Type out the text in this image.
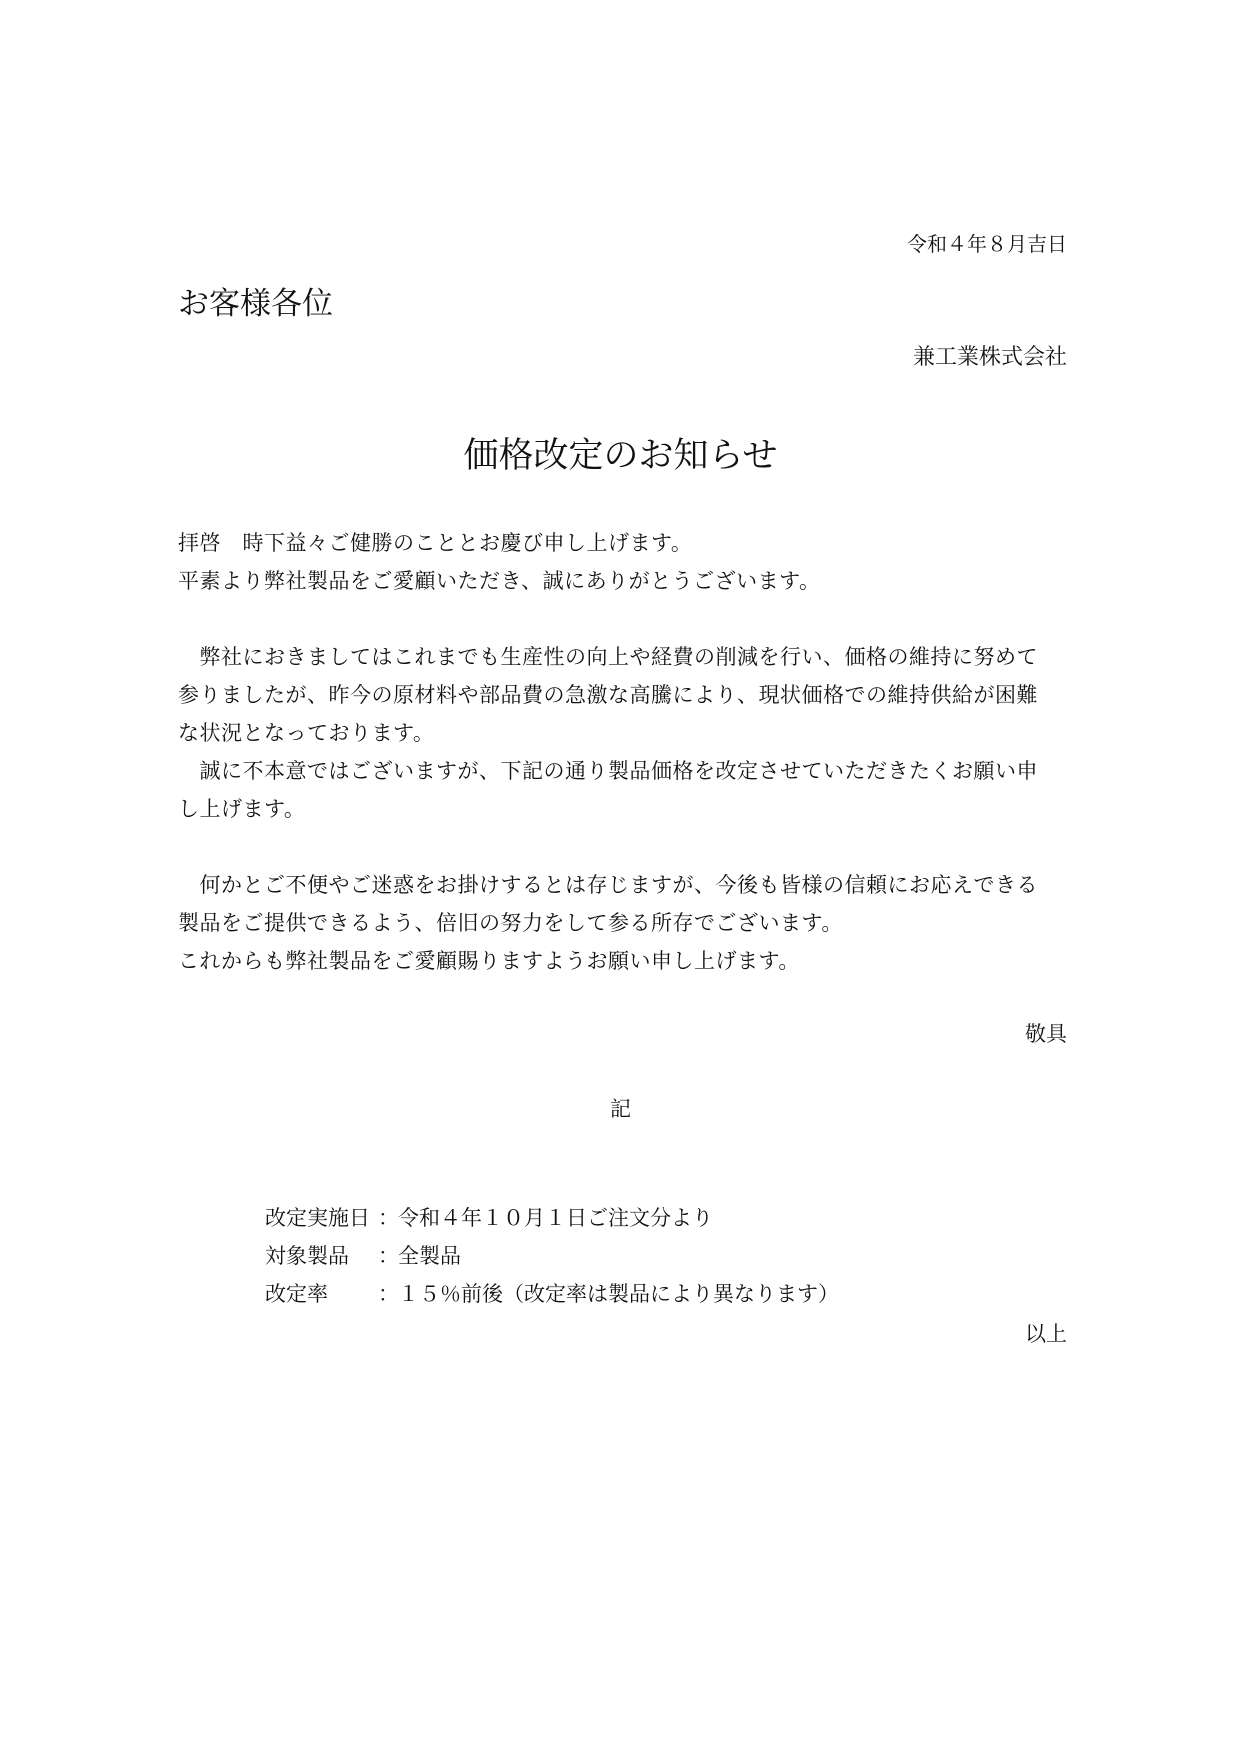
令和４年８月吉日
お客様各位
兼工業株式会社
価格改定のお知らせ
拝啓　時下益々ご健勝のこととお慶び申し上げます。
平素より弊社製品をご愛顧いただき、誠にありがとうございます。
　弊社におきましてはこれまでも生産性の向上や経費の削減を行い、価格の維持に努めて
参りましたが、昨今の原材料や部品費の急激な高騰により、現状価格での維持供給が困難
な状況となっております。
　誠に不本意ではございますが、下記の通り製品価格を改定させていただきたくお願い申
し上げます。
　何かとご不便やご迷惑をお掛けするとは存じますが、今後も皆様の信頼にお応えできる
製品をご提供できるよう、倍旧の努力をして参る所存でございます。
これからも弊社製品をご愛顧賜りますようお願い申し上げます。
敬具
記
改定実施日 ： 令和４年１０月１日ご注文分より
対象製品 ： 全製品
改定率 ： １５％前後（改定率は製品により異なります）
以上
